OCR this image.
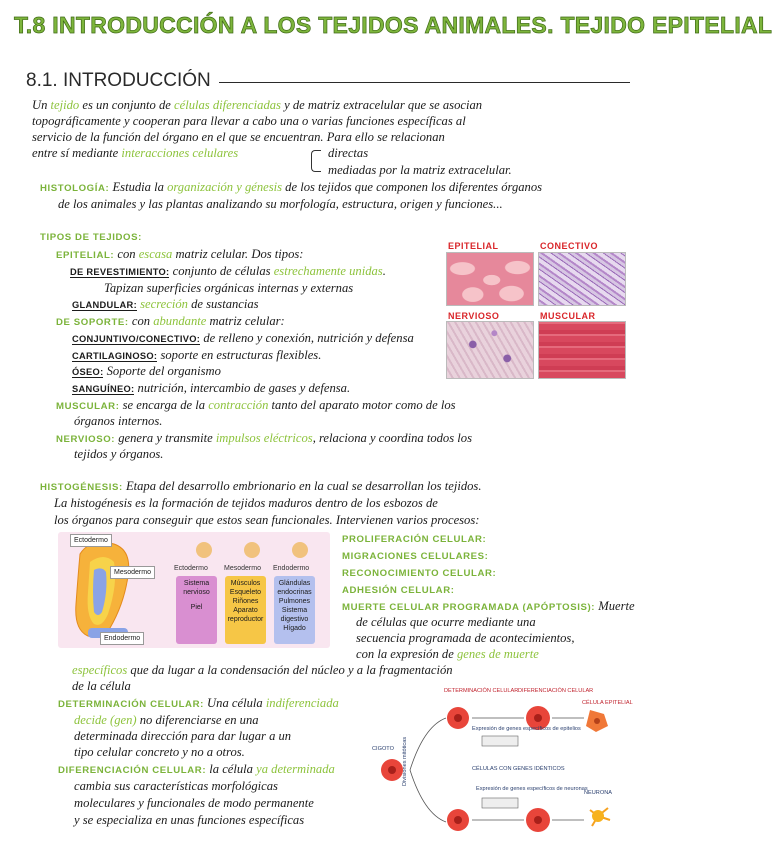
T.8 INTRODUCCIÓN A LOS TEJIDOS ANIMALES. TEJIDO EPITELIAL
8.1. INTRODUCCIÓN
Un tejido es un conjunto de células diferenciadas y de matriz extracelular que se asocian
topográficamente y cooperan para llevar a cabo una o varias funciones específicas al
servicio de la función del órgano en el que se encuentran. Para ello se relacionan
entre sí mediante interacciones celulares	directas
mediadas por la matriz extracelular.
HISTOLOGÍA: Estudia la organización y génesis de los tejidos que componen los diferentes órganos
de los animales y las plantas analizando su morfología, estructura, origen y funciones...
TIPOS DE TEJIDOS:
EPITELIAL: con escasa matriz celular. Dos tipos:
DE REVESTIMIENTO: conjunto de células estrechamente unidas.
Tapizan superficies orgánicas internas y externas
GLANDULAR: secreción de sustancias
DE SOPORTE: con abundante matriz celular:
CONJUNTIVO/CONECTIVO: de relleno y conexión, nutrición y defensa
CARTILAGINOSO: soporte en estructuras flexibles.
ÓSEO: Soporte del organismo
SANGUÍNEO: nutrición, intercambio de gases y defensa.
MUSCULAR: se encarga de la contracción tanto del aparato motor como de los
órganos internos.
NERVIOSO: genera y transmite impulsos eléctricos, relaciona y coordina todos los
tejidos y órganos.
EPITELIAL	CONECTIVO
NERVIOSO	MUSCULAR
HISTOGÉNESIS: Etapa del desarrollo embrionario en la cual se desarrollan los tejidos.
La histogénesis es la formación de tejidos maduros dentro de los esbozos de
los órganos para conseguir que estos sean funcionales. Intervienen varios procesos:
Ectodermo
Mesodermo
Endodermo
Ectodermo Mesodermo Endodermo
Sistema
nervioso
Piel
Músculos
Esqueleto
Riñones
Aparato
reproductor
Glándulas
endocrinas
Pulmones
Sistema
digestivo
Hígado
PROLIFERACIÓN CELULAR:
MIGRACIONES CELULARES:
RECONOCIMIENTO CELULAR:
ADHESIÓN CELULAR:
MUERTE CELULAR PROGRAMADA (APÓPTOSIS): Muerte
de células que ocurre mediante una
secuencia programada de acontecimientos,
con la expresión de genes de muerte
específicos que da lugar a la condensación del núcleo y a la fragmentación
de la célula
DETERMINACIÓN CELULAR: Una célula indiferenciada
decide (gen) no diferenciarse en una
determinada dirección para dar lugar a un
tipo celular concreto y no a otros.
DIFERENCIACIÓN CELULAR: la célula ya determinada
cambia sus características morfológicas
moleculares y funcionales de modo permanente
y se especializa en unas funciones específicas
DETERMINACIÓN CELULAR DIFERENCIACIÓN CELULAR
CÉLULA EPITELIAL
CIGOTO Divisiones mitóticas
Expresión de genes específicos de epitelios
CÉLULAS CON GENES IDÉNTICOS
Expresión de genes específicos de neuronas
NEURONA
